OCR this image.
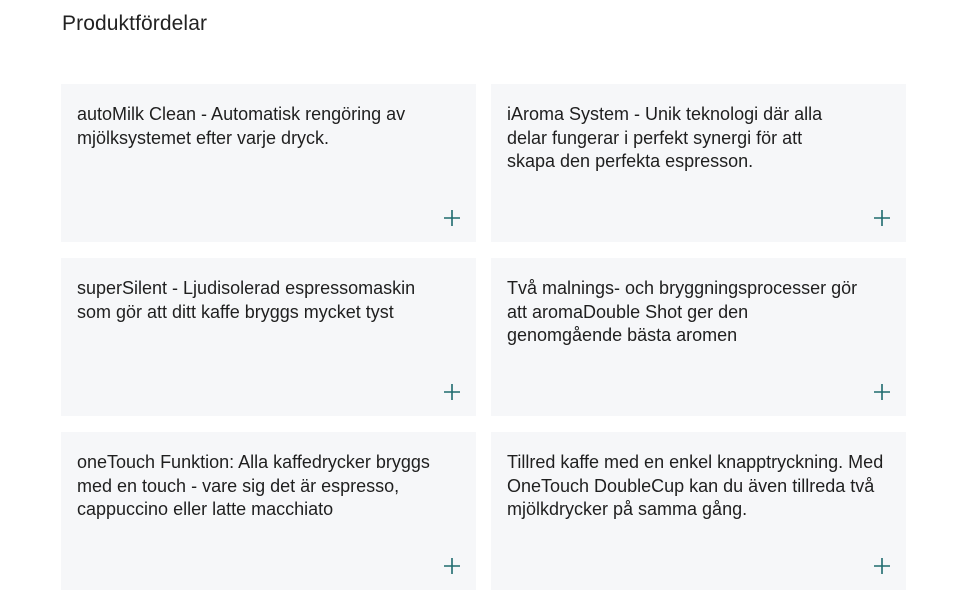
Produktfördelar

autoMilk Clean - Automatisk rengöring av mjölksystemet efter varje dryck.

iAroma System - Unik teknologi där alla delar fungerar i perfekt synergi för att skapa den perfekta espresson.

superSilent - Ljudisolerad espressomaskin som gör att ditt kaffe bryggs mycket tyst

Två malnings- och bryggningsprocesser gör att aromaDouble Shot ger den genomgående bästa aromen

oneTouch Funktion: Alla kaffedrycker bryggs med en touch - vare sig det är espresso, cappuccino eller latte macchiato

Tillred kaffe med en enkel knapptryckning. Med OneTouch DoubleCup kan du även tillreda två mjölkdrycker på samma gång.
